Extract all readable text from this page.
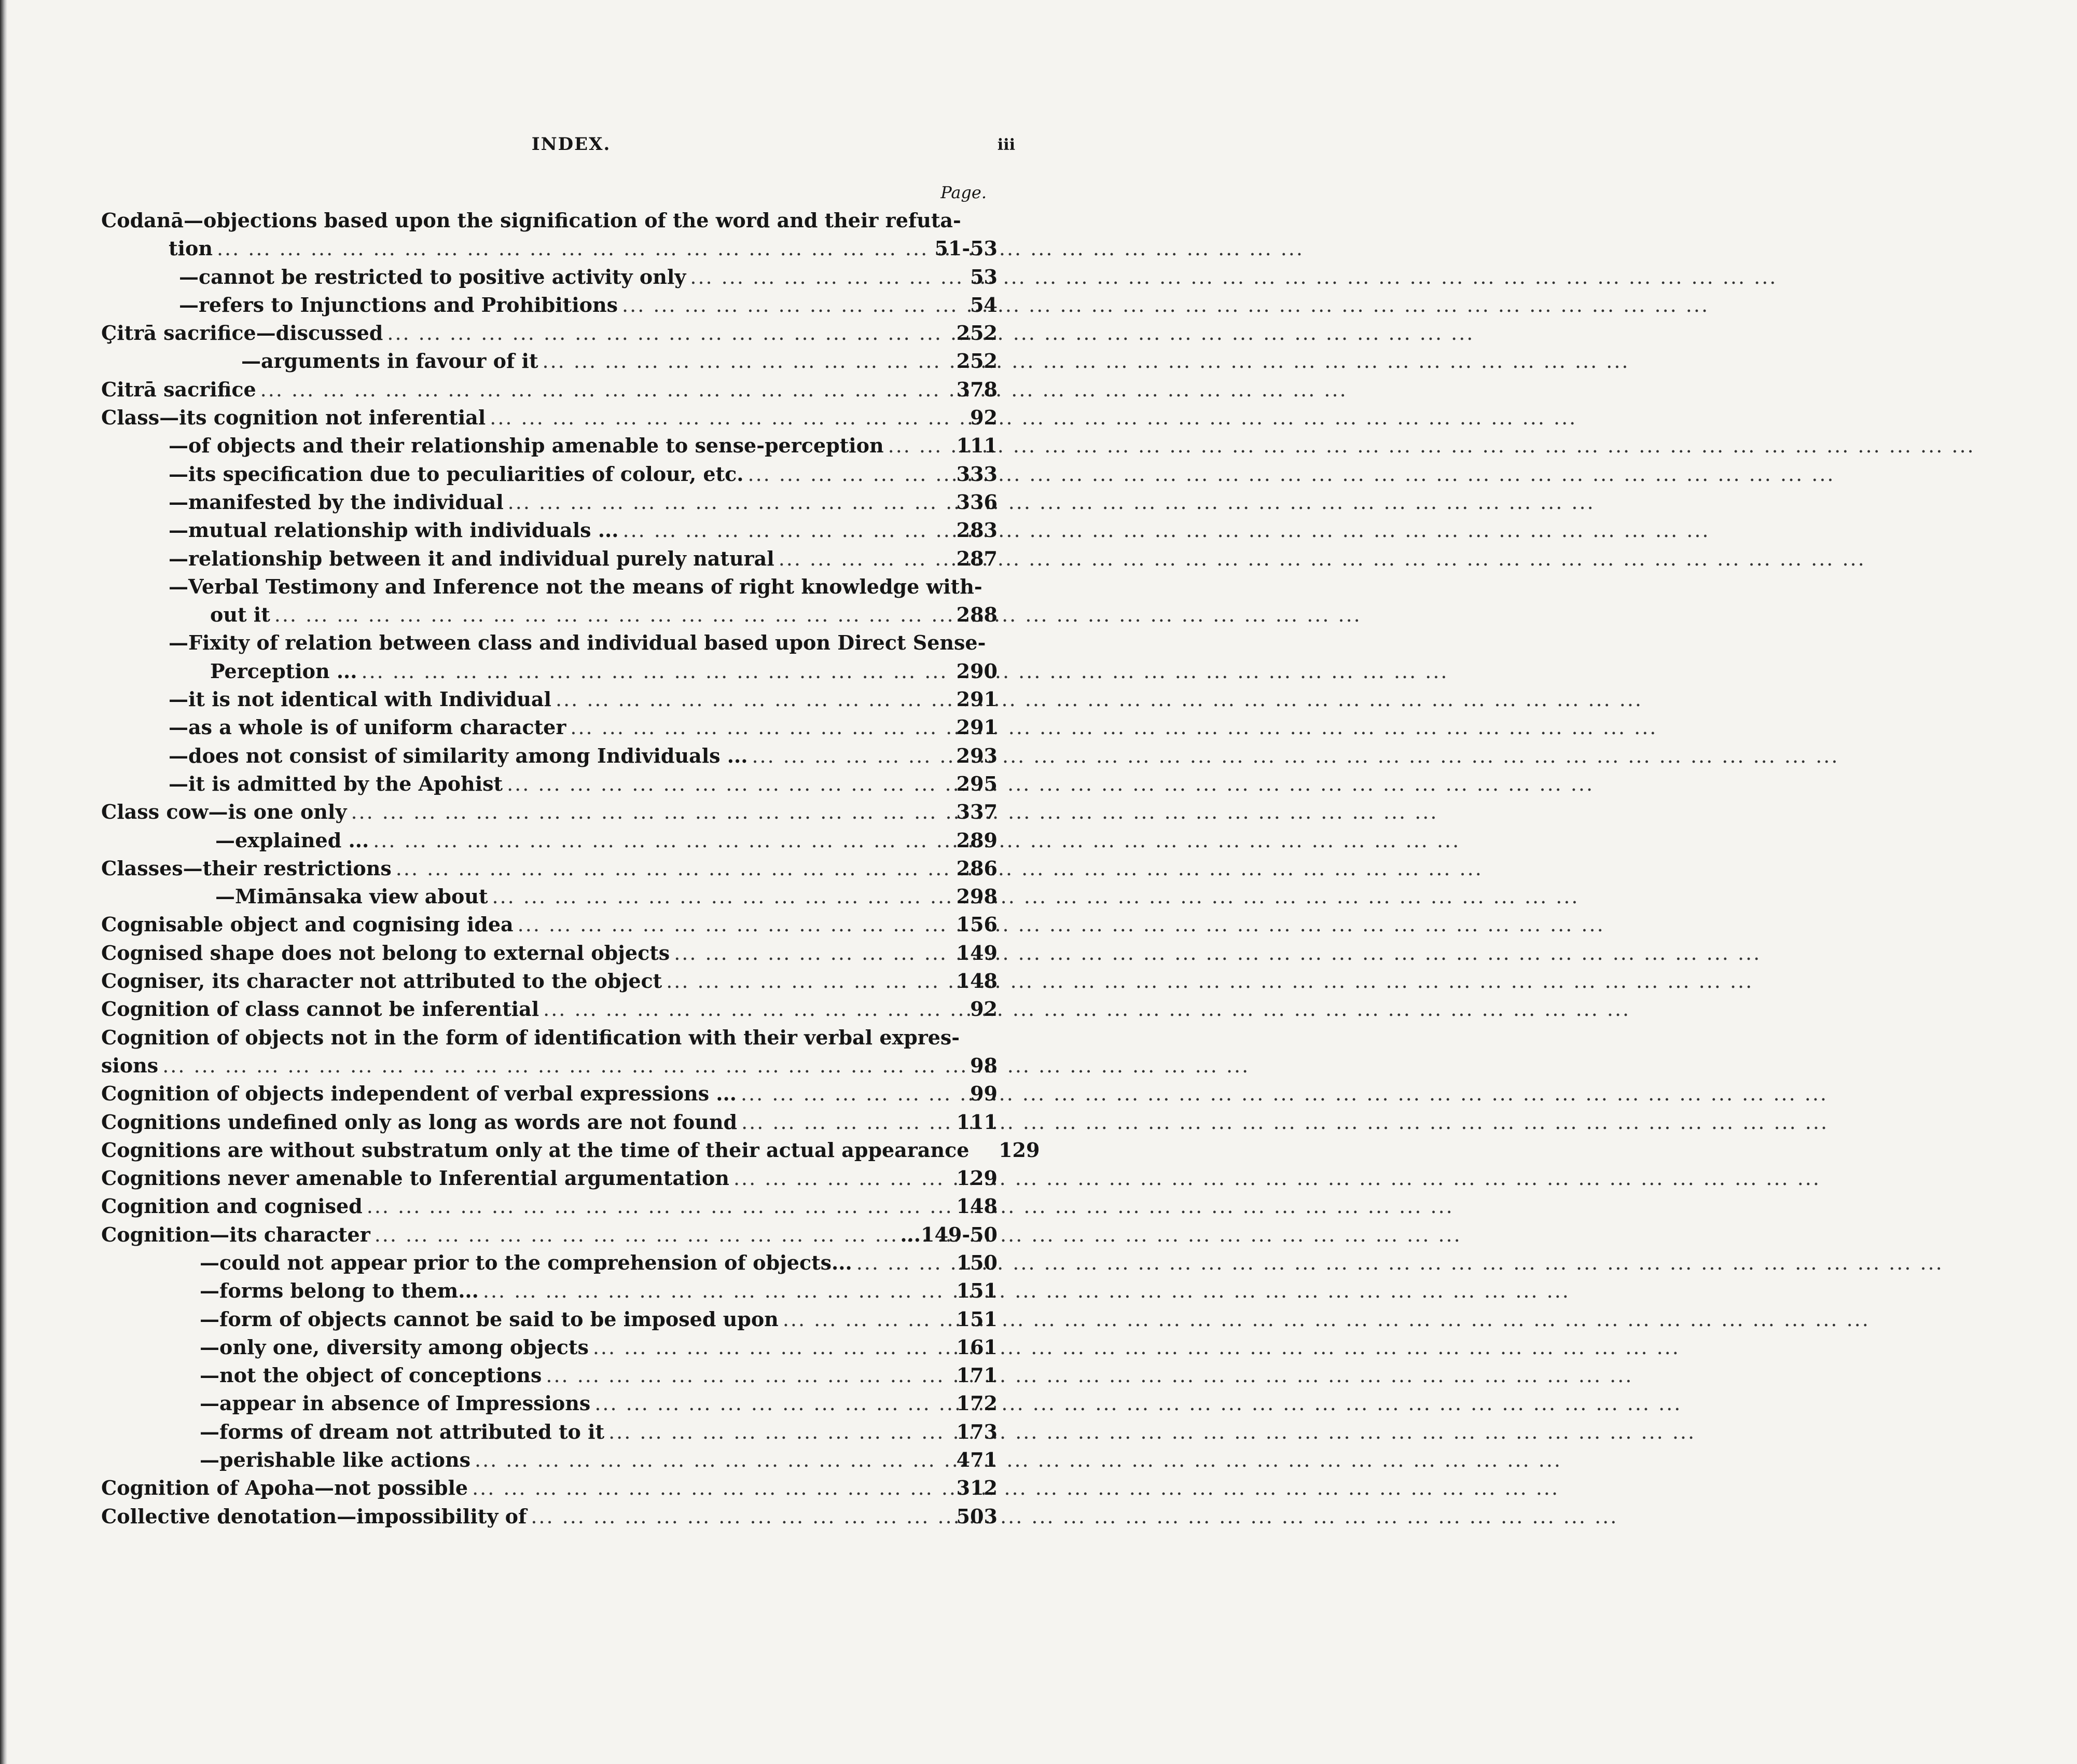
INDEX.	iii
Page.
Codanā—objections based upon the signification of the word and their refuta-
tion ... .	51-53
—cannot be restricted to positive activity only ... .	53
—refers to Injunctions and Prohibitions ... .	54
Çitrā sacrifice—discussed ... .	252
—arguments in favour of it ... .	252
Citrā sacrifice ... .	378
Class—its cognition not inferential ... .	92
—of objects and their relationship amenable to sense-perception ... .	111
—its specification due to peculiarities of colour, etc. ... .	333
—manifested by the individual ... .	336
—mutual relationship with individuals ... ... .	283
—relationship between it and individual purely natural ... .	287
—Verbal Testimony and Inference not the means of right knowledge with-
out it ... .	288
—Fixity of relation between class and individual based upon Direct Sense-
Perception ... ... .	290
—it is not identical with Individual ... .	291
—as a whole is of uniform character ... .	291
—does not consist of similarity among Individuals ... ... .	293
—it is admitted by the Apohist ... .	295
Class cow—is one only ... .	337
—explained ... ... .	289
Classes—their restrictions ... .	286
—Mimānsaka view about ... .	298
Cognisable object and cognising idea ... .	156
Cognised shape does not belong to external objects ... .	149
Cogniser, its character not attributed to the object ... .	148
Cognition of class cannot be inferential ... .	92
Cognition of objects not in the form of identification with their verbal expres-
sions ... .	98
Cognition of objects independent of verbal expressions ... ... .	99
Cognitions undefined only as long as words are not found ... .	111
Cognitions are without substratum only at the time of their actual appearance 129
Cognitions never amenable to Inferential argumentation ... .	129
Cognition and cognised ... .	148
Cognition—its character ... .	...149-50
—could not appear prior to the comprehension of objects... ... .	150
—forms belong to them... ... .	151
—form of objects cannot be said to be imposed upon ... .	151
—only one, diversity among objects ... .	161
—not the object of conceptions ... .	171
—appear in absence of Impressions ... .	172
—forms of dream not attributed to it ... .	173
—perishable like actions ... .	471
Cognition of Apoha—not possible ... .	312
Collective denotation—impossibility of ... .	503
